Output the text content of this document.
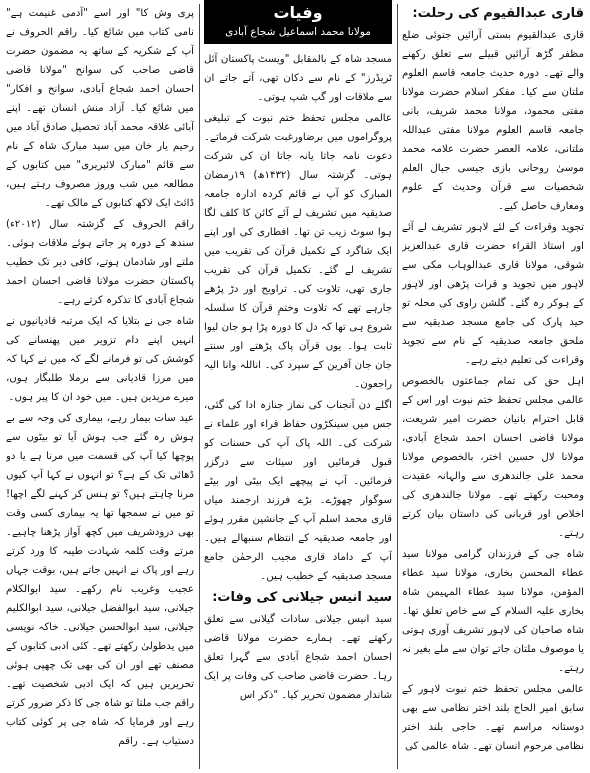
قاری عبدالقیوم کی رحلت:

قاری عبدالقیوم بستی آرائیں جتوئی ضلع مظفر گڑھ آرائیں قبیلے سے تعلق رکھنے والے تھے۔ دورہ حدیث جامعہ قاسم العلوم ملتان سے کیا۔ مفکر اسلام حضرت مولانا مفتی محمود، مولانا محمد شریف، بانی جامعہ قاسم العلوم مولانا مفتی عبداللہ ملتانی، علامہ العصر حضرت علامہ محمد موسیٰ روحانی بازی جیسی جبال العلم شخصیات سے قرآن وحدیث کے علوم ومعارف حاصل کیے۔

تجوید وقراءت کے لئے لاہور تشریف لے آئے اور استاذ القراء حضرت قاری عبدالعزیز شوقی، مولانا قاری عبدالوہاب مکی سے لاہور میں تجوید و قرات پڑھی اور لاہور کے ہوکر رہ گئے۔ گلشن راوی کی محلہ تو حید پارک کی جامع مسجد صدیقیہ سے ملحق جامعہ صدیقیہ کے نام سے تجوید وقراءت کی تعلیم دیتے رہے۔

اہل حق کی تمام جماعتوں بالخصوص عالمی مجلس تحفظ ختم نبوت اور اس کے قابل احترام بانیان حضرت امیر شریعت، مولانا قاضی احسان احمد شجاع آبادی، مولانا لال حسین اختر، بالخصوص مولانا محمد علی جالندھری سے والہانہ عقیدت ومحبت رکھتے تھے۔ مولانا جالندھری کی اخلاص اور قربانی کی داستان بیان کرتے رہتے۔

شاہ جی کے فرزندان گرامی مولانا سید عطاء المحسن بخاری، مولانا سید عطاء المؤمن، مولانا سید عطاء المہیمن شاہ بخاری علیہ السلام کے سے خاص تعلق تھا۔ شاہ صاحبان کی لاہور تشریف آوری ہوتی یا موصوف ملتان جاتے توان سے ملے بغیر نہ رہتے۔

عالمی مجلس تحفظ ختم نبوت لاہور کے سابق امیر الحاج بلند اختر نظامی سے بھی دوستانہ مراسم تھے۔ حاجی بلند اختر نظامی مرحوم انسان تھے۔ شاہ عالمی کی

وفیات
مولانا محمد اسماعیل شجاع آبادی

مسجد شاہ کے بالمقابل "ویسٹ پاکستان آئل ٹریڈرز" کے نام سے دکان تھی، آتے جاتے ان سے ملاقات اور گپ شپ ہوتی۔

عالمی مجلس تحفظ ختم نبوت کے تبلیغی پروگراموں میں برضاورغبت شرکت فرماتے۔ دعوت نامہ جاتا یانہ جاتا ان کی شرکت ہوتی۔ گزشتہ سال (۱۴۳۲ھ) ۱۹رمضان المبارک کو آپ نے قائم کردہ ادارہ جامعہ صدیقیہ میں تشریف لے آئے کائن کا کلف لگا ہوا سوٹ زیب تن تھا۔ افطاری کی اور اپنے ایک شاگرد کے تکمیل قرآن کی تقریب میں تشریف لے گئے۔ تکمیل قرآن کی تقریب جاری تھی، تلاوت کی۔ تراویح اور دڑ پڑھے جارہے تھے کہ تلاوت وختمِ قرآن کا سلسلہ شروع ہی تھا کہ دل کا دورہ پڑا ہو جان لیوا ثابت ہوا۔ یوں قرآن پاک پڑھتے اور سنتے جان جان آفرین کے سپرد کی۔ اناللہ وانا الیہ راجعون۔

اگلے دن آنجناب کی نماز جنازہ ادا کی گئی، جس میں سینکڑوں حفاظ قراء اور علماء نے شرکت کی۔ اللہ پاک آپ کی حسنات کو قبول فرمائیں اور سیئات سے درگزر فرمائیں۔ آپ نے پیچھے ایک بیٹی اور بیٹے سوگوار چھوڑے۔ بڑے فرزند ارجمند میاں قاری محمد اسلم آپ کے جانشین مقرر ہوئے اور جامعہ صدیقیہ کے انتظام سنبھالے ہیں۔ آپ کے داماد قاری مجیب الرحمٰن جامع مسجد صدیقیہ کے خطیب ہیں۔

سید انیس جیلانی کی وفات:

سید انیس جیلانی سادات گیلانی سے تعلق رکھتے تھے۔ ہمارے حضرت مولانا قاضی احسان احمد شجاع آبادی سے گہرا تعلق رہا۔ حضرت قاضی صاحب کی وفات پر ایک شاندار مضمون تحریر کیا۔ "ذکر اس

پری وش کا" اور اسے "آدمی غنیمت ہے" نامی کتاب میں شائع کیا۔ راقم الحروف نے آپ کے شکریہ کے ساتھ یہ مضمون حضرت قاضی صاحب کی سوانح "مولانا قاضی احسان احمد شجاع آبادی، سوانح و افکار" میں شائع کیا۔ آزاد منش انسان تھے۔ اپنے آبائی علاقہ محمد آباد تحصیل صادق آباد میں رحیم یار خان میں سید مبارک شاہ کے نام سے قائم "مبارک لائبریری" میں کتابوں کے مطالعہ میں شب وروز مصروف رہتے ہیں، ڈائٹ ایک لاکھ کتابوں کے مالک تھے۔

راقم الحروف کے گزشتہ سال (۲۰۱۲ء) سندھ کے دورہ پر جاتے ہوئے ملاقات ہوئی۔ ملتے اور شادمان ہوتے، کافی دیر تک خطیب پاکستان حضرت مولانا قاضی احسان احمد شجاع آبادی کا تذکرہ کرتے رہے۔

شاہ جی نے بتلایا کہ ایک مرتبہ قادیانیوں نے انہیں اپنے دام تزویر میں پھنسانے کی کوشش کی تو فرمانے لگے کہ میں نے کہا کہ میں مرزا قادیانی سے برملا طلبگار ہوں، میرے مریدین ہیں۔ میں خود ان کا پیر ہوں۔

عید سات بیمار رہے، بیماری کی وجہ سے بے ہوش رہ گئے جب ہوش آیا تو بیٹوں سے پوچھا کیا آپ کی قسمت میں مرنا ہے یا دو ڈھائی تک کے ہے؟ تو انہوں نے کہا آپ کیوں مرنا چاہتے ہیں؟ تو ہنس کر کہنے لگے اچھا! تو میں نے سمجھا تھا یہ بیماری کسی وقت بھی درودشریف میں کچھ آواز پڑھنا چاہیے۔ مرتے وقت کلمہ شہادت طیبہ کا ورد کرتے رہے اور پاک نے انہیں جاتے ہیں، بوقت جہاں عجیب وغریب نام رکھے۔ سید ابوالکلام جیلانی، سید ابوالفضل جیلانی، سید ابوالکلیم جیلانی، سید ابوالحسن جیلانی۔ خاکہ نویسی میں یدطولیٰ رکھتے تھے۔ کئی ادبی کتابوں کے مصنف تھے اور ان کی بھی تک چھپی ہوئی تحریریں ہیں کہ ایک ادبی شخصیت تھے۔ راقم جب ملتا تو شاہ جی کا ذکر ضرور کرتے رہے اور فرمایا کہ شاہ جی پر کوئی کتاب دستیاب ہے۔ راقم
